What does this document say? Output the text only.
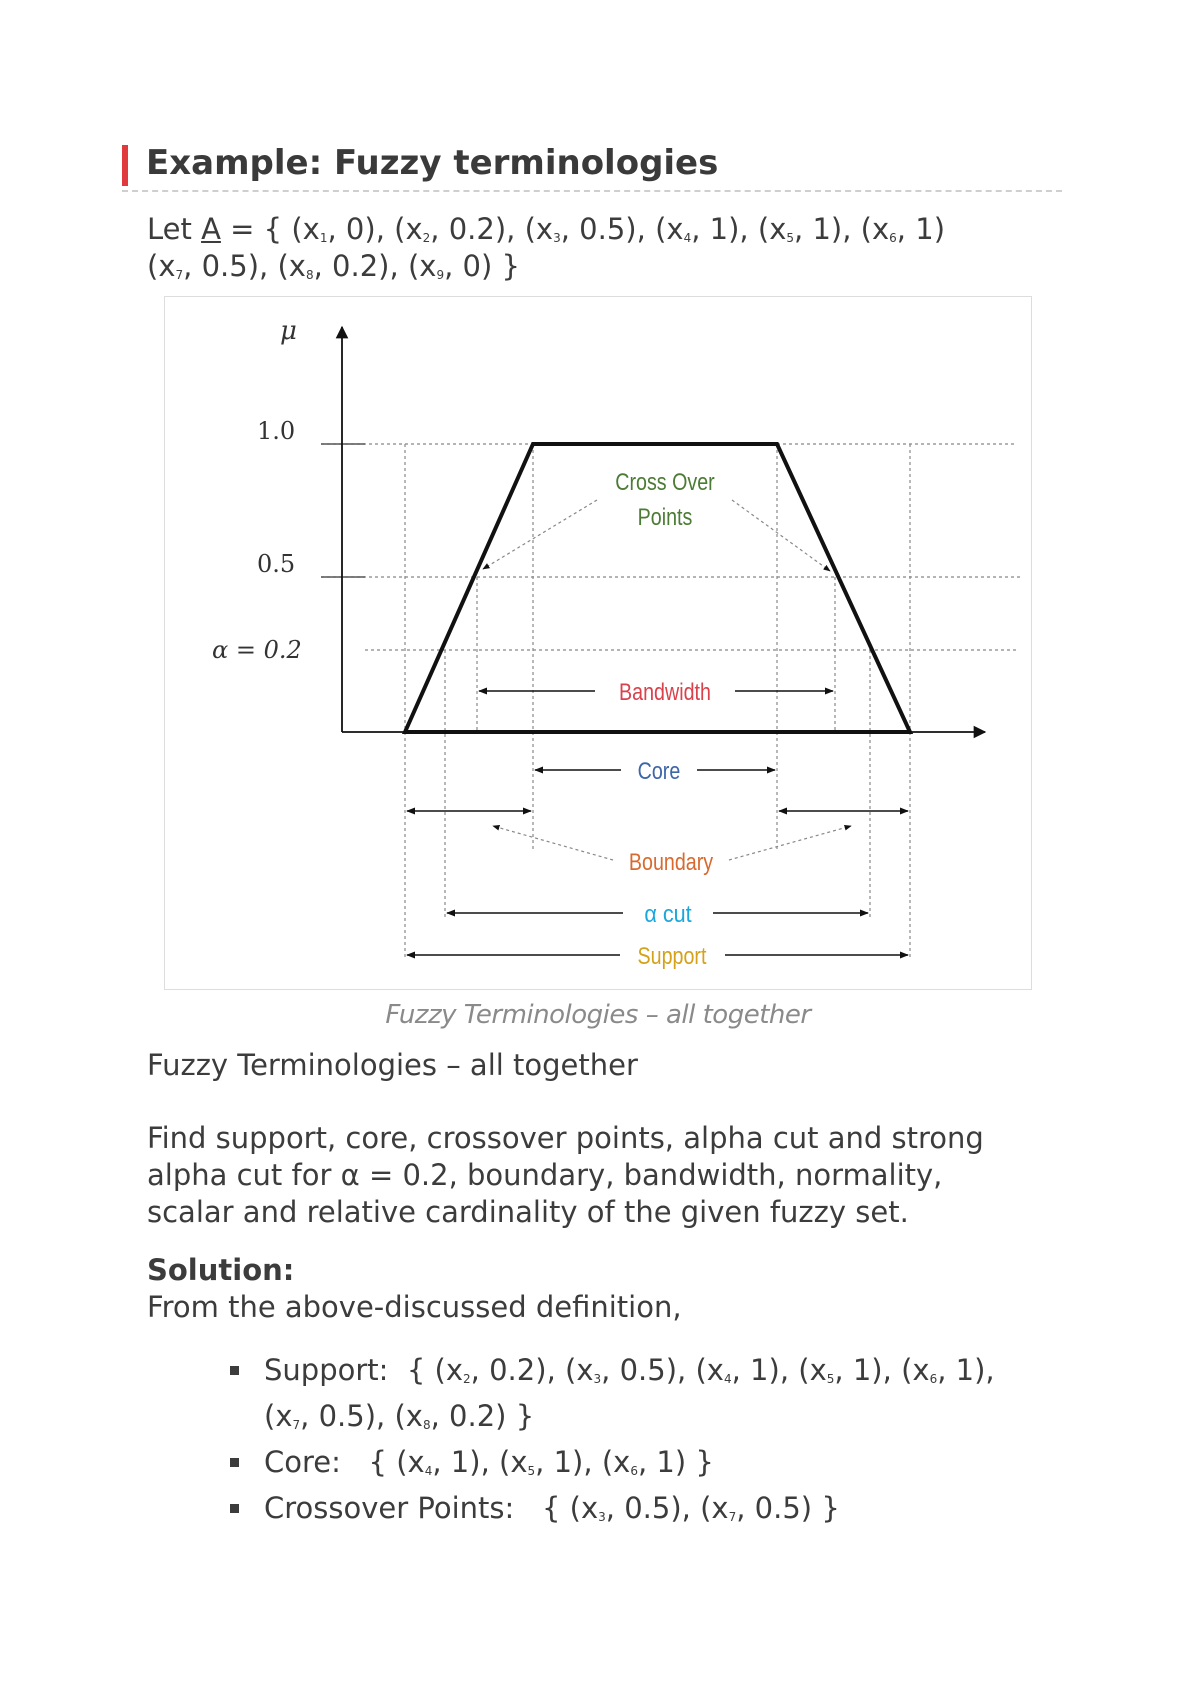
Example: Fuzzy terminologies
Let A = { ($x_1$, 0), ($x_2$, 0.2), ($x_3$, 0.5), ($x_4$, 1), ($x_5$, 1), ($x_6$, 1)
($x_7$, 0.5), ($x_8$, 0.2), ($x_9$, 0) }
μ
1.0
0.5
α = 0.2
Cross Over
Points
Bandwidth
Core
Boundary
α cut
Support
Fuzzy Terminologies – all together
Fuzzy Terminologies – all together
Find support, core, crossover points, alpha cut and strong
alpha cut for α = 0.2, boundary, bandwidth, normality,
scalar and relative cardinality of the given fuzzy set.
Solution:
From the above-discussed definition,
Support: { ($x_2$, 0.2), ($x_3$, 0.5), ($x_4$, 1), ($x_5$, 1), ($x_6$, 1),
($x_7$, 0.5), ($x_8$, 0.2) }
Core: { ($x_4$, 1), ($x_5$, 1), ($x_6$, 1) }
Crossover Points: { ($x_3$, 0.5), ($x_7$, 0.5) }
